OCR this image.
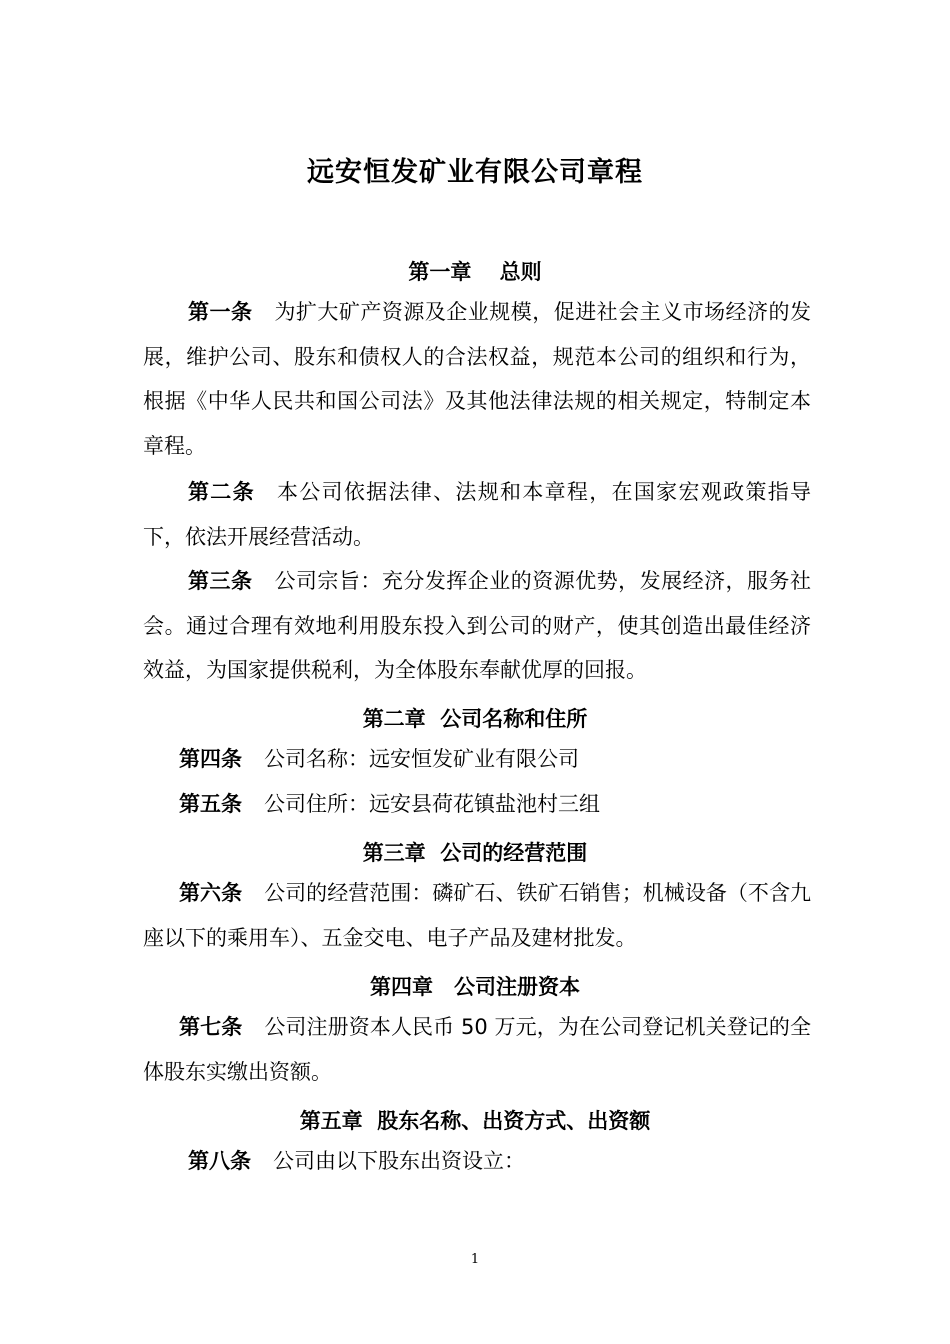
远安恒发矿业有限公司章程
第一章　 总则
第一条 为扩大矿产资源及企业规模，促进社会主义市场经济的发展，维护公司、股东和债权人的合法权益，规范本公司的组织和行为，根据《中华人民共和国公司法》及其他法律法规的相关规定，特制定本章程。
第二条 本公司依据法律、法规和本章程，在国家宏观政策指导下，依法开展经营活动。
第三条 公司宗旨：充分发挥企业的资源优势，发展经济，服务社会。通过合理有效地利用股东投入到公司的财产，使其创造出最佳经济效益，为国家提供税利，为全体股东奉献优厚的回报。
第二章  公司名称和住所
第四条 公司名称：远安恒发矿业有限公司
第五条 公司住所：远安县荷花镇盐池村三组
第三章  公司的经营范围
第六条 公司的经营范围：磷矿石、铁矿石销售；机械设备（不含九座以下的乘用车）、五金交电、电子产品及建材批发。
第四章　公司注册资本
第七条 公司注册资本人民币 50 万元，为在公司登记机关登记的全体股东实缴出资额。
第五章  股东名称、出资方式、出资额
第八条 公司由以下股东出资设立：
1
